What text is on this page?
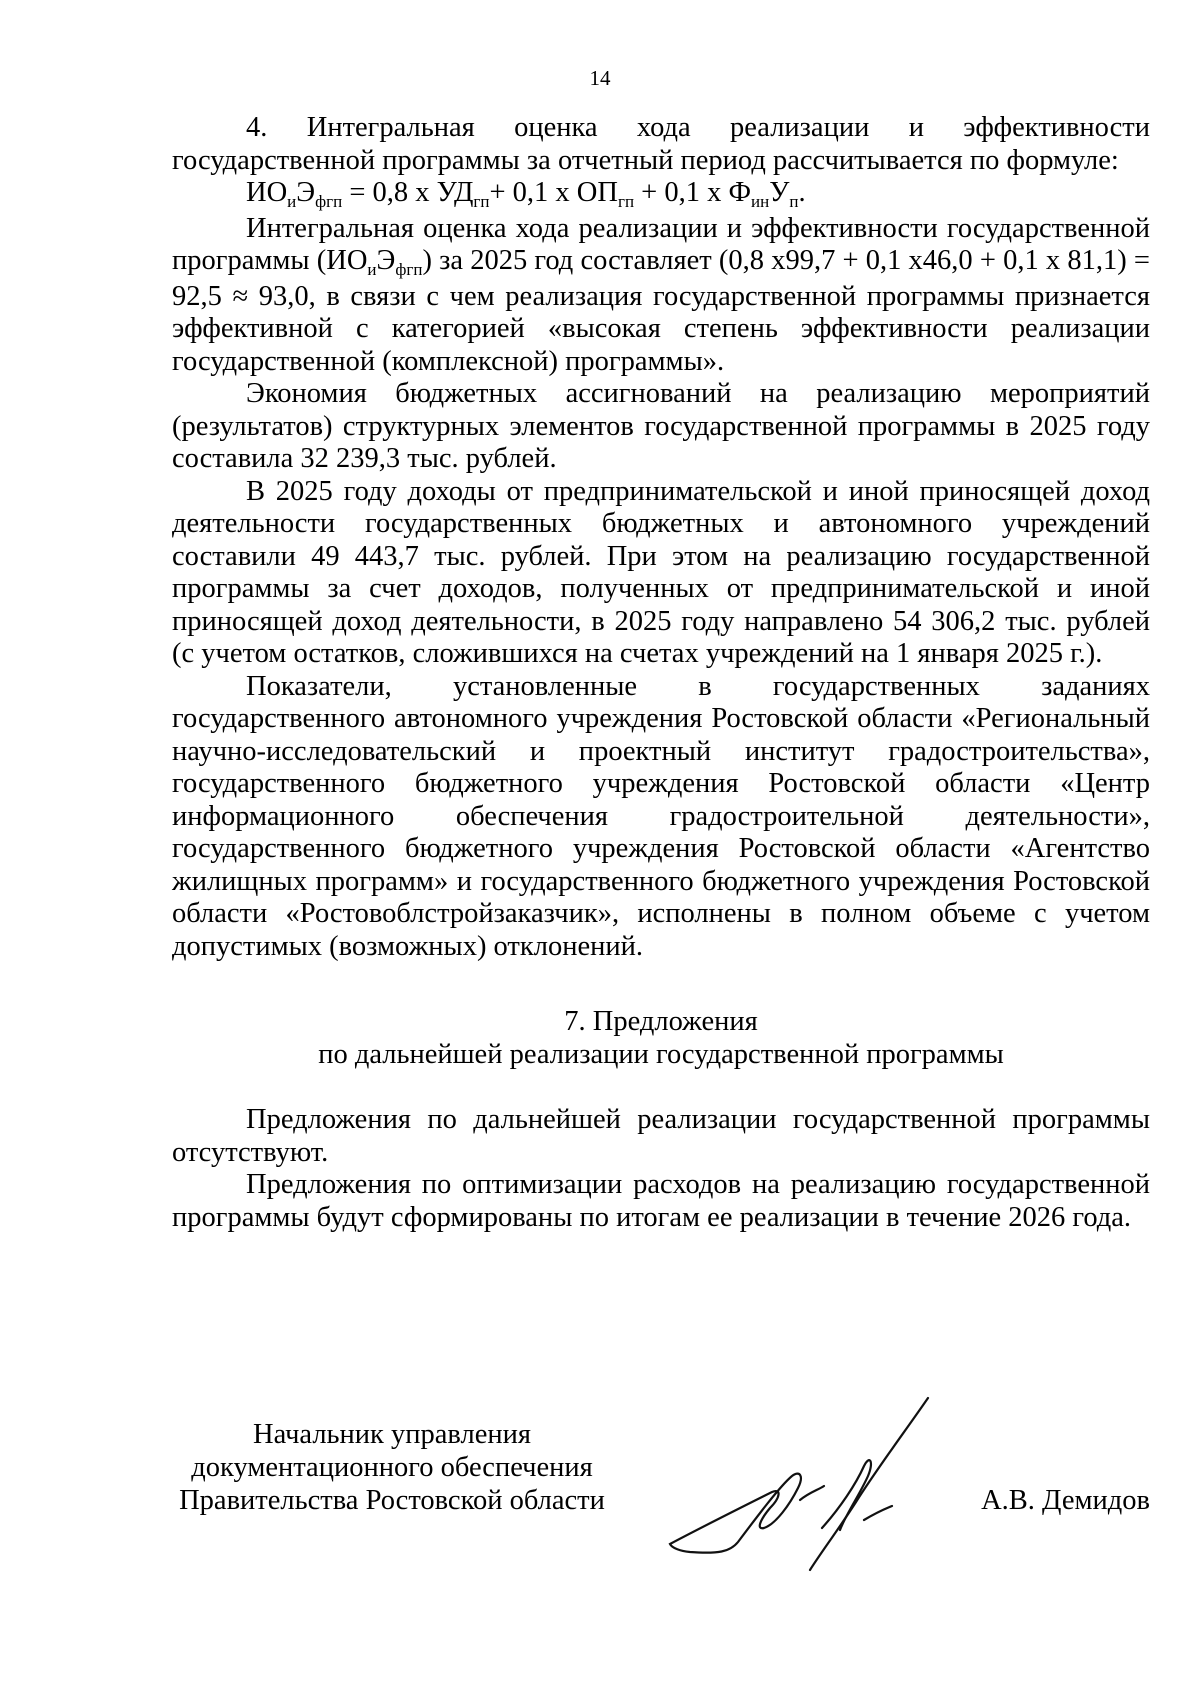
14

4. Интегральная оценка хода реализации и эффективности государственной программы за отчетный период рассчитывается по формуле:

$ИО_иЭ_{фгп} = 0,8$ х $УД_{гп}+ 0,1$ х $ОП_{гп} + 0,1$ х $Ф_{ин}У_п$.

Интегральная оценка хода реализации и эффективности государственной программы $(ИО_иЭ_{фгп})$ за 2025 год составляет (0,8 х99,7 + 0,1 х46,0 + 0,1 х 81,1) = 92,5 ≈ 93,0, в связи с чем реализация государственной программы признается эффективной с категорией «высокая степень эффективности реализации государственной (комплексной) программы».

Экономия бюджетных ассигнований на реализацию мероприятий (результатов) структурных элементов государственной программы в 2025 году составила 32 239,3 тыс. рублей.

В 2025 году доходы от предпринимательской и иной приносящей доход деятельности государственных бюджетных и автономного учреждений составили 49 443,7 тыс. рублей. При этом на реализацию государственной программы за счет доходов, полученных от предпринимательской и иной приносящей доход деятельности, в 2025 году направлено 54 306,2 тыс. рублей (с учетом остатков, сложившихся на счетах учреждений на 1 января 2025 г.).

Показатели, установленные в государственных заданиях государственного автономного учреждения Ростовской области «Региональный научно-исследовательский и проектный институт градостроительства», государственного бюджетного учреждения Ростовской области «Центр информационного обеспечения градостроительной деятельности», государственного бюджетного учреждения Ростовской области «Агентство жилищных программ» и государственного бюджетного учреждения Ростовской области «Ростовоблстройзаказчик», исполнены в полном объеме с учетом допустимых (возможных) отклонений.

7. Предложения
по дальнейшей реализации государственной программы

Предложения по дальнейшей реализации государственной программы отсутствуют.

Предложения по оптимизации расходов на реализацию государственной программы будут сформированы по итогам ее реализации в течение 2026 года.

Начальник управления
документационного обеспечения
Правительства Ростовской области	А.В. Демидов
